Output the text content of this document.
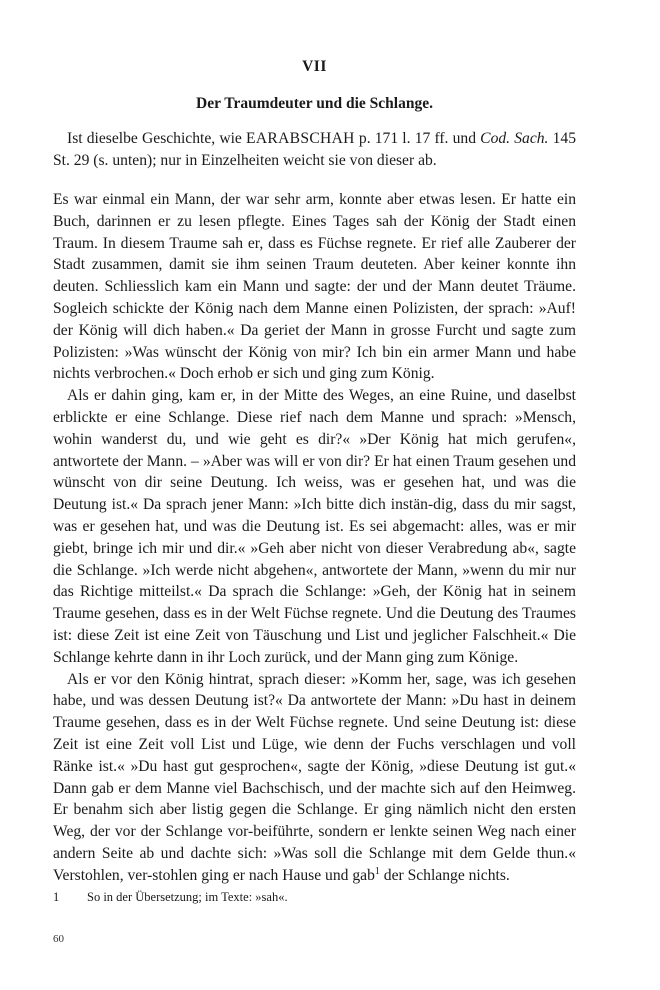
VII
Der Traumdeuter und die Schlange.
Ist dieselbe Geschichte, wie EARABSCHAH p. 171 l. 17 ff. und Cod. Sach. 145 St. 29 (s. unten); nur in Einzelheiten weicht sie von dieser ab.

Es war einmal ein Mann, der war sehr arm, konnte aber etwas lesen. Er hatte ein Buch, darinnen er zu lesen pflegte. Eines Tages sah der König der Stadt einen Traum. In diesem Traume sah er, dass es Füchse regnete. Er rief alle Zauberer der Stadt zusammen, damit sie ihm seinen Traum deuteten. Aber keiner konnte ihn deuten. Schliesslich kam ein Mann und sagte: der und der Mann deutet Träume. Sogleich schickte der König nach dem Manne einen Polizisten, der sprach: »Auf! der König will dich haben.« Da geriet der Mann in grosse Furcht und sagte zum Polizisten: »Was wünscht der König von mir? Ich bin ein armer Mann und habe nichts verbrochen.« Doch erhob er sich und ging zum König.

Als er dahin ging, kam er, in der Mitte des Weges, an eine Ruine, und daselbst erblickte er eine Schlange. Diese rief nach dem Manne und sprach: »Mensch, wohin wanderst du, und wie geht es dir?« »Der König hat mich gerufen«, antwortete der Mann. – »Aber was will er von dir? Er hat einen Traum gesehen und wünscht von dir seine Deutung. Ich weiss, was er gesehen hat, und was die Deutung ist.« Da sprach jener Mann: »Ich bitte dich instän-dig, dass du mir sagst, was er gesehen hat, und was die Deutung ist. Es sei abgemacht: alles, was er mir giebt, bringe ich mir und dir.« »Geh aber nicht von dieser Verabredung ab«, sagte die Schlange. »Ich werde nicht abgehen«, antwortete der Mann, »wenn du mir nur das Richtige mitteilst.« Da sprach die Schlange: »Geh, der König hat in seinem Traume gesehen, dass es in der Welt Füchse regnete. Und die Deutung des Traumes ist: diese Zeit ist eine Zeit von Täuschung und List und jeglicher Falschheit.« Die Schlange kehrte dann in ihr Loch zurück, und der Mann ging zum Könige.

Als er vor den König hintrat, sprach dieser: »Komm her, sage, was ich gesehen habe, und was dessen Deutung ist?« Da antwortete der Mann: »Du hast in deinem Traume gesehen, dass es in der Welt Füchse regnete. Und seine Deutung ist: diese Zeit ist eine Zeit voll List und Lüge, wie denn der Fuchs verschlagen und voll Ränke ist.« »Du hast gut gesprochen«, sagte der König, »diese Deutung ist gut.« Dann gab er dem Manne viel Bachschisch, und der machte sich auf den Heimweg. Er benahm sich aber listig gegen die Schlange. Er ging nämlich nicht den ersten Weg, der vor der Schlange vor-beiführte, sondern er lenkte seinen Weg nach einer andern Seite ab und dachte sich: »Was soll die Schlange mit dem Gelde thun.« Verstohlen, ver-stohlen ging er nach Hause und gab$^1$ der Schlange nichts.

1 So in der Übersetzung; im Texte: »sah«.
60
